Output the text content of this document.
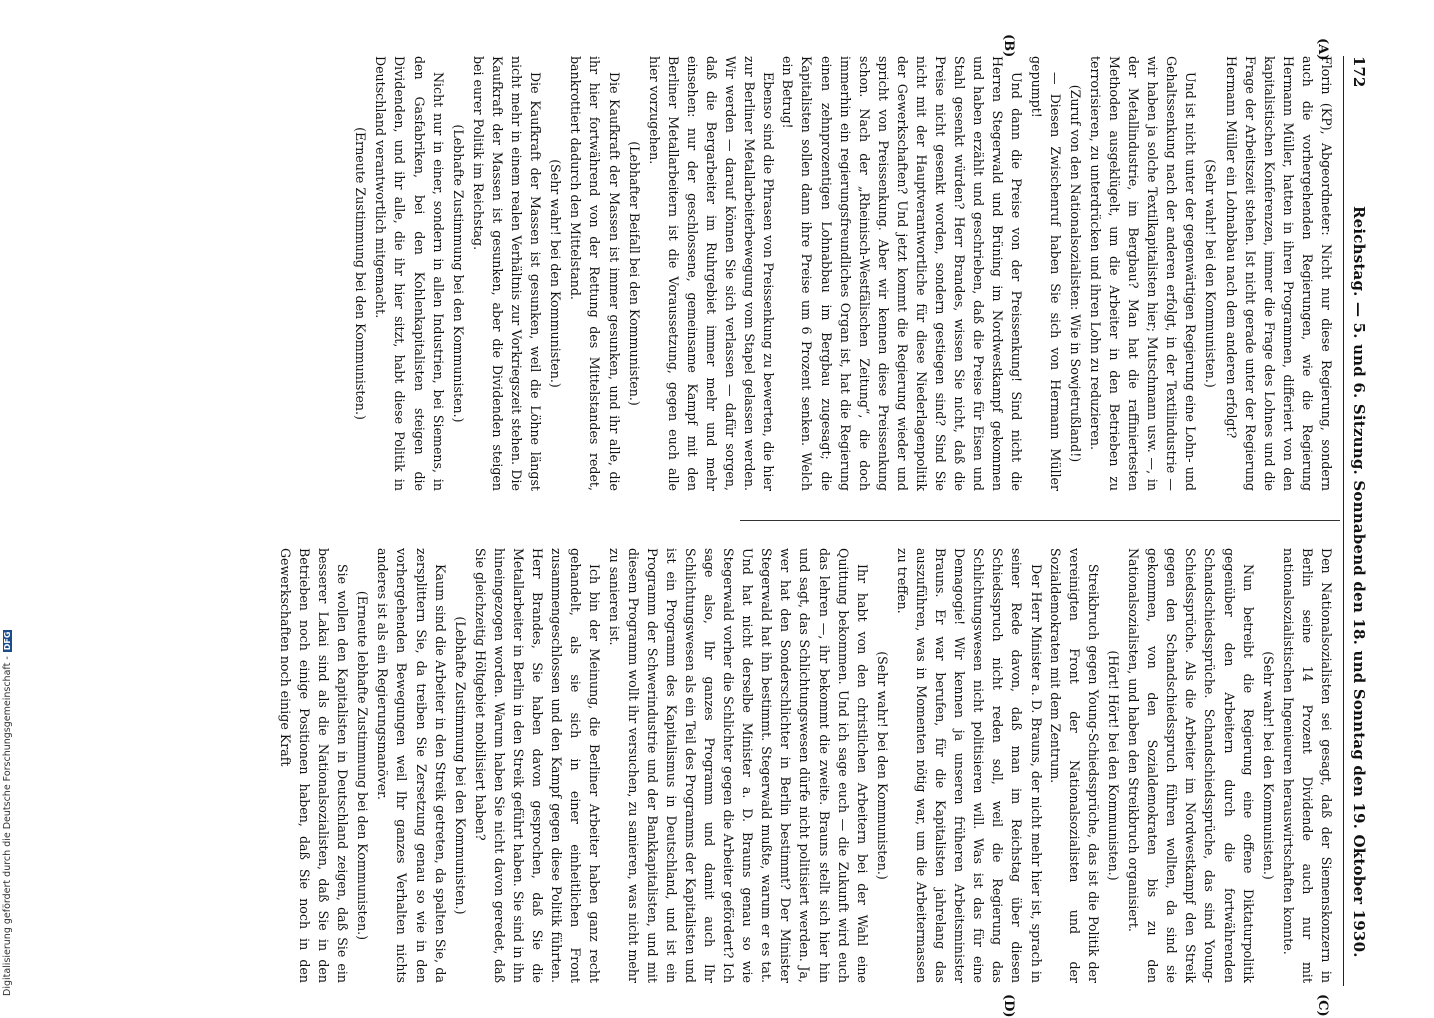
172
Reichstag. — 5. und 6. Sitzung. Sonnabend den 18. und Sonntag den 19. Oktober 1930.
(A)
(B)
(C)
(D)

Florin (KP), Abgeordneter: Nicht nur diese Regierung, sondern auch die vorhergehenden Regierungen, wie die Regierung Hermann Müller, hatten in ihren Programmen, differiert von den kapitalistischen Konferenzen, immer die Frage des Lohnes und die Frage der Arbeitszeit stehen. Ist nicht gerade unter der Regierung Hermann Müller ein Lohnabbau nach dem anderen erfolgt?

(Sehr wahr! bei den Kommunisten.)

Und ist nicht unter der gegenwärtigen Regierung eine Lohn- und Gehaltssenkung nach der anderen erfolgt, in der Textilindustrie — wir haben ja solche Textilkapitalisten hier; Mutschmann usw. —, in der Metallindustrie, im Bergbau? Man hat die raffiniertesten Methoden ausgeklügelt, um die Arbeiter in den Betrieben zu terrorisieren, zu unterdrücken und ihren Lohn zu reduzieren.

(Zuruf von den Nationalsozialisten: Wie in Sowjetrußland!)

— Diesen Zwischenruf haben Sie sich von Hermann Müller gepumpt!

Und dann die Preise von der Preissenkung! Sind nicht die Herren Stegerwald und Brüning im Nordwestkampf gekommen und haben erzählt und geschrieben, daß die Preise für Eisen und Stahl gesenkt würden? Herr Brandes, wissen Sie nicht, daß die Preise nicht gesenkt worden, sondern gestiegen sind? Sind Sie nicht mit der Hauptverantwortliche für diese Niederlagenpolitik der Gewerkschaften? Und jetzt kommt die Regierung wieder und spricht von Preissenkung. Aber wir kennen diese Preissenkung schon. Nach der „Rheinisch-Westfälischen Zeitung“, die doch immerhin ein regierungsfreundliches Organ ist, hat die Regierung einen zehnprozentigen Lohnabbau im Bergbau zugesagt; die Kapitalisten sollen dann ihre Preise um 6 Prozent senken. Welch ein Betrug!

Ebenso sind die Phrasen von Preissenkung zu bewerten, die hier zur Berliner Metallarbeiterbewegung vom Stapel gelassen werden. Wir werden — darauf können Sie sich verlassen — dafür sorgen, daß die Bergarbeiter im Ruhrgebiet immer mehr und mehr einsehen: nur der geschlossene, gemeinsame Kampf mit den Berliner Metallarbeitern ist die Voraussetzung, gegen euch alle hier vorzugehen.

(Lebhafter Beifall bei den Kommunisten.)

Die Kaufkraft der Massen ist immer gesunken, und ihr alle, die ihr hier fortwährend von der Rettung des Mittelstandes redet, bankrottiert dadurch den Mittelstand.

(Sehr wahr! bei den Kommunisten.)

Die Kaufkraft der Massen ist gesunken, weil die Löhne längst nicht mehr in einem realen Verhältnis zur Vorkriegszeit stehen. Die Kaufkraft der Massen ist gesunken, aber die Dividenden steigen bei eurer Politik im Reichstag.

(Lebhafte Zustimmung bei den Kommunisten.)

Nicht nur in einer, sondern in allen Industrien, bei Siemens, in den Gasfabriken, bei den Kohlenkapitalisten steigen die Dividenden, und ihr alle, die ihr hier sitzt, habt diese Politik in Deutschland verantwortlich mitgemacht.

(Erneute Zustimmung bei den Kommunisten.)

Den Nationalsozialisten sei gesagt, daß der Siemenskonzern in Berlin seine 14 Prozent Dividende auch nur mit nationalsozialistischen Ingenieuren herauswirtschaften konnte.

(Sehr wahr! bei den Kommunisten.)

Nun betreibt die Regierung eine offene Diktaturpolitik gegenüber den Arbeitern durch die fortwährenden Schandschiedssprüche. Schandschiedssprüche, das sind Young-Schiedssprüche. Als die Arbeiter im Nordwestkampf den Streik gegen den Schandschiedsspruch führen wollten, da sind sie gekommen, von den Sozialdemokraten bis zu den Nationalsozialisten, und haben den Streikbruch organisiert.

(Hört! Hört! bei den Kommunisten.)

Streikbruch gegen Young-Schiedssprüche, das ist die Politik der vereinigten Front der Nationalsozialisten und der Sozialdemokraten mit dem Zentrum.

Der Herr Minister a. D. Brauns, der nicht mehr hier ist, sprach in seiner Rede davon, daß man im Reichstag über diesen Schiedsspruch nicht reden soll, weil die Regierung das Schlichtungswesen nicht politisieren will. Was ist das für eine Demagogie! Wir kennen ja unseren früheren Arbeitsminister Brauns. Er war berufen, für die Kapitalisten jahrelang das auszuführen, was in Momenten nötig war, um die Arbeitermassen zu treffen.

(Sehr wahr! bei den Kommunisten.)

Ihr habt von den christlichen Arbeitern bei der Wahl eine Quittung bekommen. Und ich sage euch — die Zukunft wird euch das lehren —, ihr bekommt die zweite. Brauns stellt sich hier hin und sagt, das Schlichtungswesen dürfe nicht politisiert werden. Ja, wer hat den Sonderschlichter in Berlin bestimmt? Der Minister Stegerwald hat ihn bestimmt. Stegerwald mußte, warum er es tat. Und hat nicht derselbe Minister a. D. Brauns genau so wie Stegerwald vorher die Schlichter gegen die Arbeiter gefördert? Ich sage also, Ihr ganzes Programm und damit auch Ihr Schlichtungswesen als ein Teil des Programms der Kapitalisten und ist ein Programm des Kapitalismus in Deutschland, und ist ein Programm der Schwerindustrie und der Bankkapitalisten, und mit diesem Programm wollt ihr versuchen, zu sanieren, was nicht mehr zu sanieren ist.

Ich bin der Meinung, die Berliner Arbeiter haben ganz recht gehandelt, als sie sich in einer einheitlichen Front zusammengeschlossen und den Kampf gegen diese Politik führten. Herr Brandes, Sie haben davon gesprochen, daß Sie die Metallarbeiter in Berlin in den Streik geführt haben. Sie sind in ihn hineingezogen worden. Warum haben Sie nicht davon geredet, daß Sie gleichzeitig Höltgebiet mobilisiert haben?

(Lebhafte Zustimmung bei den Kommunisten.)

Kaum sind die Arbeiter in den Streik getreten, da spalten Sie, da zersplittern Sie, da treiben Sie Zersetzung genau so wie in den vorhergehenden Bewegungen weil Ihr ganzes Verhalten nichts anderes ist als ein Regierungsmanöver.

(Erneute lebhafte Zustimmung bei den Kommunisten.)

Sie wollen den Kapitalisten in Deutschland zeigen, daß Sie ein besserer Lakai sind als die Nationalsozialisten, daß Sie in den Betrieben noch einige Positionen haben, daß Sie noch in den Gewerkschaften noch einige Kraft

Digitalisierung gefördert durch die Deutsche Forschungsgemeinschaft -DFG
